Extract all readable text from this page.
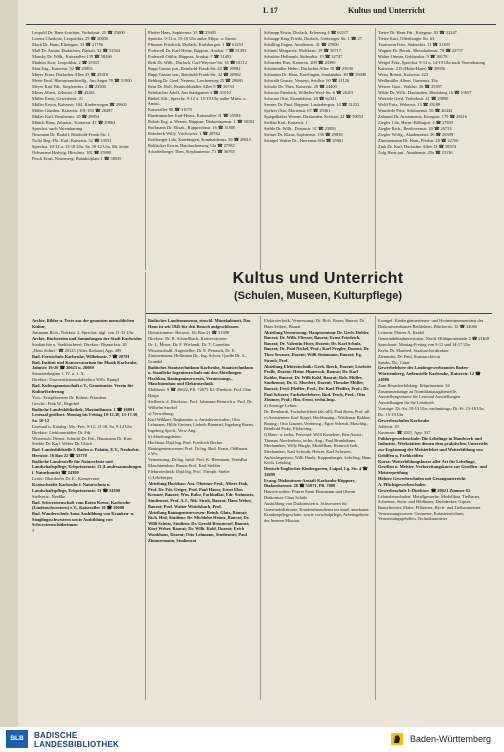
L 17	Kultus und Unterricht

Leopold Dr. Hans-Joachim, Vorholzstr. 25 ☎ 25000

Lorenz Charlotte, Leopoldstr. 25 ☎ 20606

Mach Dr. Hans, Eltzingstr. 33 ☎ 21756

Mall Dr. Armin, Durlachen, Platzstr. 52 ☎ 52564

Mansky Dr. Wilh., Kaiserallee 139 ☎ 58266

Mathies Kurt, Leopoldstr. 2 ☎ 25555

Matt Eug., Kaiserstr. 52 ☎ 23803

Mayer Ernst, Durlacher Allee 43 ☎ 29318

Merte Emil, Rheinstrandsiedlg., Am Anger 70 ☎ 51900

Meyer Karl Fdr., Siegfriedstr. 2 ☎ 23500

Moser Albert, Zehntstr. 4 ☎ 42261

Müller Ernst, Gewerbestr. 21

Müller Erwin, Kaiserstr. 104, Kinderwagen ☎ 29602

Müller Günther, Kaiserstr. 101-103 ☎ 28487

Müller Karl, Beuthenstr. 10 ☎ 29854

Münch Hans, Zehntstr., Kaiserstr. 47 ☎ 29863

Sprechst. nach Vereinbarung

Neumann Dr. Rudolf, Reinhold-Frank-Str. 1

Noffz Reg.-Dir. Karl, Kaiserstr. 52 ☎ 23531

Sprechst. 10-12 u. 15-18 Uhr, Sa. 10-12 Uhr, Mi. keine

Ochsmann Hedwig, Hirschstr. 102 ☎ 25900

Pesch Ernst, Neuenweg, Bahnhofplatz 1 ☎ 38035

Pfeifer Hans, Sophienstr. 33 ☎ 25605

Sprechz. 9-12 u. 15-18 Uhr außer Mittw. u. Samst.

Pfinzner Friedrich, Durlach, Karlsbergstr. 1 ☎ 61453

Podewell Dr. Karl-Heinz, Rüppurr, Aradstr. 7 ☎ 31493

Podewell Ottilie, Rüppurr, Aradstr. 7 ☎ 31493

Reik Dr. Wilh., Durlach, Carl-Weysser-Str. 16 ☎ 61112

Rupp Gustav jun., Reinhold-Frank-Str. 42 ☎ 20982

Rupp Gustav sen., Reinhold-Frank-Str. 42 ☎ 20982

Rehling Dr. Gerd, Neureut, Lerchenweg 25 ☎ 28680

Rein Dr. Rolf, Reinholdstädler Allee 9 ☎ 26733

Reinbacher Adolf, Am Stadtgarten 3 ☎ 31010

Riebel Alfr., Sprechz. 9-12 u. 15-19 Uhr außer Mittw. u. Samst.

Kaiserallee 90 ☎ 31070

Rindenmacher Karl-Heinz, Kaiserallee 31 ☎ 25584

Rokeh Eug. u. Werner, Rüppurr, Diakonissenstr. 1 ☎ 30182

Roffmann Dr. Elisab., Rupprechtstr. 16 ☎ 31800

Rohrbeck Willy, Virchowstr. 1 ☎ 28762

Rothberger Lilo, Kniebingen, Sonnhaldenstr. 30 ☎ 28615

Rohlacker Erwin, Hainbuchenweg 14a ☎ 27582

Schaffelberger Theo, Stephanienstr. 71 ☎ 36765

Schaupp Erwin, Durlach, Erlenweg 4 ☎ 62217

Schaupp-Krug Frieda, Durlach, Grötzinger Str. 1 ☎ 27

Schilling Eugen, Amalienstr. 41 ☎ 27000

Schmitt Margarete, Moltkestr. 19 ☎ 30717

Schröder Hellmuth, Südendstr. 19 ☎ 32747

Schneider Else, Kaiserstr. 209 ☎ 24390

Schöttmüller Helm., Durlacher Allee 18 ☎ 23938

Schramm Dr. Hans, Knielingen, Saarlandstr. 30 ☎ 35040

Schwalb Gustav, Neureut, Seidlstr. 60 ☎ 41126

Schulte Dr. Theo, Kaiserstr. 28 ☎ 24400

Schwarz Friedrich, Wilhelm-Weyl-Str. 6 ☎ 26201

Schwarz Otto, Eisenlohrstr. 26 ☎ 62341

Sennes Dr. Paul, Rüppurr, Lauterbergstr. 14 ☎ 31252

Spelzer Otto, Marienstr. 67 ☎ 29361

Spiegelhalter Werner, Daxlanden, Kreisstr. 22 ☎ 59053

Steffan Karl, Kaiserstr. 1

Stehle Dr. Wilh., Donaustr. 31 ☎ 23950

Steiner Dr. Klaus, Sophienstr. 158 ☎ 29838

Stempel Walter Dr., Herrenstr. 60a ☎ 25601

Tietze Dr. Hans Fdr., Kriegsstr. 83 ☎ 22247

Tietze Kurt, Offenburger Str. 63

Trautwein Fritz, Südendstr. 11 ☎ 31383

Wagner Dr. Bernh., Rheinhafenstr. 78 ☎ 22757

Walter Ottmar, Gebhardstr. 9 ☎ 30178

Weigel Fritz, Sprechst. 9-12 u. 14-19 Uhr nach Vereinbarung

Kaiserstr. 215 (Hoke-Haus) ☎ 28936

Weiss Robert, Kaiserstr. 223

Weißmüller Albert, Gartenstr. 39a

Werner Gust., Waldstr. 26 ☎ 25387

Wilde Dr. Wilh., Daxlanden, Rheinberg 16 ☎ 51697

Winterle Gerd, Vorholzstr. 41 ☎ 29890

Wolff Fritz, Weberstr. 13 ☎ 28188

Wunderle Fritz, Schützenstr. 56 ☎ 26443

Zahrand Dr. Aristomenis, Kriegsstr. 179 ☎ 28416

Ziegler Lilo, Herm.-Billingstr. 4 ☎ 27655

Ziegler Rich., Beethovenstr. 20 ☎ 26733

Ziegler Wolfg., Akademiestr. 26 ☎ 26509

Zimmermann Dr. Hans, Pfeilstr. 28 ☎ 22760

Zink Dr. Karl, Durlacher Allee 13 ☎ 28374

Zolg Hans jun., Amalienstr. 25a ☎ 23136

Kultus und Unterricht
(Schulen, Museen, Kulturpflege)

Archiv, Bilder u. Texte aus der gesamten menschlichen Kultur,

Ammann Rich., Nokkstr. 2, Sprechst. tägl. von 11-13 Uhr

Archiv, Büchereien und Sammlungen der Stadt Karlsruhe:

Stadtarchiv u. Stadtbücherei, Direktor: Bismarkstr. 26

„Haus Solms“ ☎ 20125 (Altes Rathaus) App. 409

Bad. Forstschule Karlsruhe, Wilhelmstr. 7 ☎ 20781

Bad. Institut und Konservatorium für Musik Karlsruhe, Jahnstr. 16-20 ☎ 20623 u. 26060

Semesterbeginn 1. IV. u. 1. X.

Direktor: Universitätsmusikdirektor Wilh. Rumpf

Bad. Kultusgemeinschaft e.V., Gemeinnütz. Verein für Kulturförderung

Vors.: Erstgeborener Dr. Robert, Präsident

Geschf.: Fink W., Regisbel

Badische Landesbibliothek, Maximilianstr. 1 ☎ 16001 Lesesaal geöffnet: Montag bis Freitag 10-12.30, 15-17.30, Sa. 10-12

Lesesaal u. Katalog: Mo.-Frei. 9-12, 15-18, Sa. 9-12 Uhr

Direktor: Lieblonnstädter Dr. Fdr.

Wissensch. Dienst: Schmitt Dr. Fdr., Hausmann Dr. Kurt, Strehle Dr. Karl, Weber Dr. Ulrich

Bad. Landesbildstelle f. Baden u. Palatin, E.V., Neuhofstr. Hertzstr. 16 Bau 22 ☎ 35770

Badische Landesstelle für Naturschutz und Landschaftspflege, Erbprinzenstr. 13 (Landessammlungen f. Naturkunde) ☎ 24390

Leiter: Oberdorfer Dr. E., Konservator

Kraisschräfte Karlsruhe f. Naturschutz u. Landschaftspflege, Erbprinzenstr. 13 ☎ 24390

Stellvertr.: Neeßke

Bad. Schwesternschaft vom Roten Kreuz, Karlsruhe (Lindenschwestern) e.V., Kaiserallee 10 ☎ 20600

Bad. Wanderschule Anna Ausbildung von Kranken- u. Säuglingsschwestern sowie Ausbildung von Schwesternschülerinnen

3

Badisches Landesmuseum, einschl. Münzkabinett, Das Haus ist seit 1945 für den Besuch aufgeschlossen

Dienstzimmer: Hertzstr. 16, Bau 21 ☎ 31398

Direktor: Dr. R. Schnellbach, Konservatoren:

Dr. L. Moser, Dr. F. Wielandt, Dr. T. Cornelius

Wissenschaftl. Angestellte: Dr. E. Petrasch, Dr. E. Zimmermann, Hoffmann Dr., Ing. Schott, Quelle Dr. A., Grundel

Badisches Staatstechnikum Karlsruhe, Staatstechnikum u. Staatliche Ingenieurschule mit den Abteilungen Hochbau, Bauingenieurwesen, Vermessungs., Maschinenbau und Elektrotechnik

Moltkestr. 9 ☎ 26622, Pfl. 72675 Kl.-Direktor: Prof. Otto Haupt

Stellvertr. d. Direktors: Prof. Johannes Heinrich u. Prof. Dr. Wilhelm Strokel

a) Verwaltung:

Karl Wikkert, Regbamtm. u. Anstaltsverwalter; Otto Lehmann; Hilde Greiner, Liebeth Bummel, Ingeborg Baerts, Ingeborg Speck, Verw.Ang.

b) Abteilungsleiter:

Hochbau: Dipl.Ing. Prof. Friedrich Becker

Bauingenieurwesen: Prof. Dr.Ing. Rud. Kraus, ObBaurat z.Wv.

Vermessung: Dr.Ing. habil. Prof. K. Herrmann, VermRat

Maschinenbau: Baurat Prof. Karl Stoblin

Elektrotechnik: Dipl.Ing. Prof. Theoph. Stieler

c) Lehrkörper:

Abteilung Hochbau: Ant. Oheimer Prof., Albert Fink, Prof. Dr. Fdr. Geiger, Prof. Paul Hauer, Ernst Ebes Kramer, Baurat; Wm. Rabo, FachbaRat, Fdr. Steinmetz, Studienrat, Prof. A.J., Nik. Strub, Baurat; Hans Weber, Baurat; Prof. Walter Wittelsbach, Prof.

Abteilung Bauingenieurwesen: Reinh. Glatz, Baurat; Rich. Heil, Studienr. Dr. Michlolse Heintz, Baurat; Dr. Willi Schütz, Studienr. Dr. Gerold Brennessel, Baurat; Kurt Weber, Baurat; Dr. Wilh. Kohl, Dozent; Erich Wankhaus, Dozent; Otto Lehmann, Studienrat; Paul Zimmermann, Studienrat

Elektrotechnik, Vermessung: Dr. Rich. Bauer, Baurat; Dr. Hans Seibert, Baurat

Abteilung Vermessung: Hauptseminar Dr. Gerh. Dobler, Baurat; Dr. Wilh. Fliesser, Baurat; Ernst Friedrich, Baurat; Dr. Valentin Fluer, Dozent; Dr. Karl Schulz, Baurat; Dr. Paul Nickel, Prof.; Karl Pregler, Dozent; Dr. Theo Sexauer, Dozent; Willi Steinmann, Baurat; Eg. Straub, Prof.

Abteilung Elektrotechnik: Gerh. Beeck, Dozent; Liselotte Prolle, Dozent; Heinr. Hintersch, Baurat; Dr. Karl Kohler, Baurat; Dr. Willi Kohl, Baurat; Rob. Müller, Studienrat; Dr. G. Mordert, Dozent; Theodor Müller, Baurat; Fred. Pfeiffer, Prof.; Dr. Karl Pfeiffer, Prof.; Dr. Paul Schorer, Fachoberlehrer; Rud. Tesch, Prof.; Otto Zimmer, Prof.; Hm. Ernst, techn.Insp.

d) Sonstige Lehrer:

Dr. Bernhardt, Fachoberlehrer (ab.-all); Paul Bonn, Prof.-all

e) Assistenten: Karl Siegel, Hochbauing.; Waldemar Bokbur, Bauing.; Otto Gauner, Vermessg.; Egon Scheidt, Maschbg.; Reinhold Fiske, Elektroing.

f) Haus- u. techn. Personal: Willi Kastelner, Betr.Assist.; Thomas Aberlenbein, techn. Ang.; Paul Brunhübner, Mechaniker; Willy Bürgle, Modellbau; Heinrich Iselt, Mechaniker; Karl Schwab, Heizer; Karl Scheurer, Aufsichtsperson; Willi Hardy, Kappenberger, Lehrling; Hans Koch, Lehrling

Deutsch-Englischer Kindergarten, Luipol, Lg. Str. 4 ☎ 32699

Evang. Diakonissen-Anstalt Karlsruhe-Rüppurr, Diakonissenstr. 28 ☎ 31071, Pfl. 7008

Hausverwalter: Pfarrer Ernst Hausmann und Oberin Diakonisse Clara Schüle

Ausbildung von Diakonissen u. Schwestern für Gemeindediakonie, Krankenhausdienst im staatl. anerkannt. Krankenpflegeschule, sowie vorschulpflege; Arbeitsgebiete der Inneren Mission

Evangel. Kindergärtnerinnen- und Hortnerinnenseminar des Diakonissenhauses Bethlehem, Blücherstr. 12 ☎ 32066

Leiterin: Pfarrer A. Keidel

Gemeindebindnerseminar: Nördl. Hildapromenade 2 ☎ 21618

Sprechzeit: Montag-Freitag von 9-12 und 14-17 Uhr

Krebs Dr. Manfred, Staatsarchivdirektor

Ziemmler, Dr. Paul, Staatsarchivrat

Sparks, Dr., Cäsar

Gewerbelehrer des Landesgewerbeamtes Baden-Württemberg, Außenstelle Karlsruhe, Kaiserstr. 12 ☎ 24980

Zum Besucherbildung: Erbprinzenstr. 32

Zusammenhänge zu Normblattausgabestelle, Ausstellungsräume für Lesesaal Ausstellungen

Ausstellungen für die Lehrbuch

Vorträge: Di.-Sa. 10-13 Uhr; nachmittags: Di.-Fr. 15-18 Uhr, Do. 15-19 Uhr

Gewerbeschulen Karlsruhe

Adlerstr. 29

Kasinostr. ☎ 2021, App. 337

Fühkergewerbeschule: Die Lehrlinge in Handwerk und Industrie, Werkstätten dienen dem praktischen Unterricht zur Ergänzung der Meisterlehre und Weiterbildung von Gehilfen u. Fachkräften

Kurse: Weiterbildungskurse aller Art für Lehrlinge, Gesellen u. Meister. Vorbereitungskurse zur Gesellen- und Meisterprüfung

Höhere Gewerbeschulen mit Gesangunterricht

A. Pflichtgewerbeschulen

Gewerbeschule I: Direktor: ☎ 20621 Zimmer 63

Lehrnebenschulen: Metallgewerbe, Modellbau, Tiefbauer, Schreiner, Stein- und Bildhauer, Dachdecker, Gipser, Bauschreiner, Maler, Pflästerer, Hoch- und Tiefbaumeister

Vermessungswesen: Geometer, Katasterzeichner, Vermessungsgehilfen, Technikanwärter

BLB	BADISCHE
LANDESBIBLIOTHEK
Baden-Württemberg
